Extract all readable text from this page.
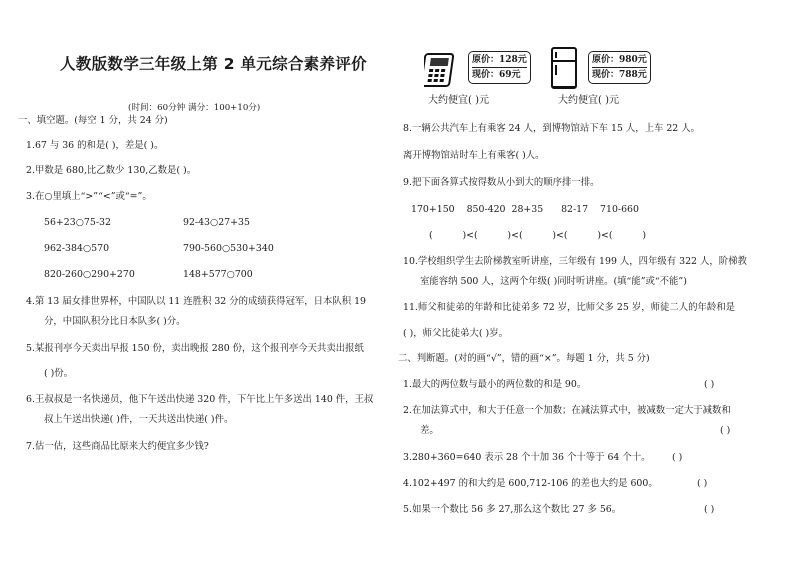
人教版数学三年级上第 2 单元综合素养评价
(时间：60分钟 满分：100+10分)
一、填空题。(每空 1 分，共 24 分)
1.67 与 36 的和是( )，差是( )。
2.甲数是 680,比乙数少 130,乙数是( )。
3.在○里填上“>”“<”或“=”。
56+23○75-32	92-43○27+35
962-384○570	790-560○530+340
820-260○290+270	148+577○700
4.第 13 届女排世界杯，中国队以 11 连胜积 32 分的成绩获得冠军，日本队积 19
分，中国队积分比日本队多( )分。
5.某报刊亭今天卖出早报 150 份，卖出晚报 280 份，这个报刊亭今天共卖出报纸
( )份。
6.王叔叔是一名快递员，他下午送出快递 320 件，下午比上午多送出 140 件，王叔
叔上午送出快递( )件，一天共送出快递( )件。
7.估一估，这些商品比原来大约便宜多少钱?
原价：128元
现价：69元
大约便宜( )元
原价：980元
现价：788元
大约便宜( )元
8.一辆公共汽车上有乘客 24 人，到博物馆站下车 15 人，上车 22 人。
离开博物馆站时车上有乘客( )人。
9.把下面各算式按得数从小到大的顺序排一排。
170+150    850-420  28+35      82-17    710-660
(          )<(          )<(          )<(          )<(          )
10.学校组织学生去阶梯教室听讲座，三年级有 199 人，四年级有 322 人，阶梯教
室能容纳 500 人，这两个年级( )同时听讲座。(填“能”或“不能”)
11.师父和徒弟的年龄和比徒弟多 72 岁，比师父多 25 岁，师徒二人的年龄和是
( )，师父比徒弟大( )岁。
二、判断题。(对的画“√”，错的画“×”。每题 1 分，共 5 分)
1.最大的两位数与最小的两位数的和是 90。	( )
2.在加法算式中，和大于任意一个加数；在减法算式中，被减数一定大于减数和
差。	( )
3.280+360=640 表示 28 个十加 36 个十等于 64 个十。 ( )
4.102+497 的和大约是 600,712-106 的差也大约是 600。	( )
5.如果一个数比 56 多 27,那么这个数比 27 多 56。	( )
